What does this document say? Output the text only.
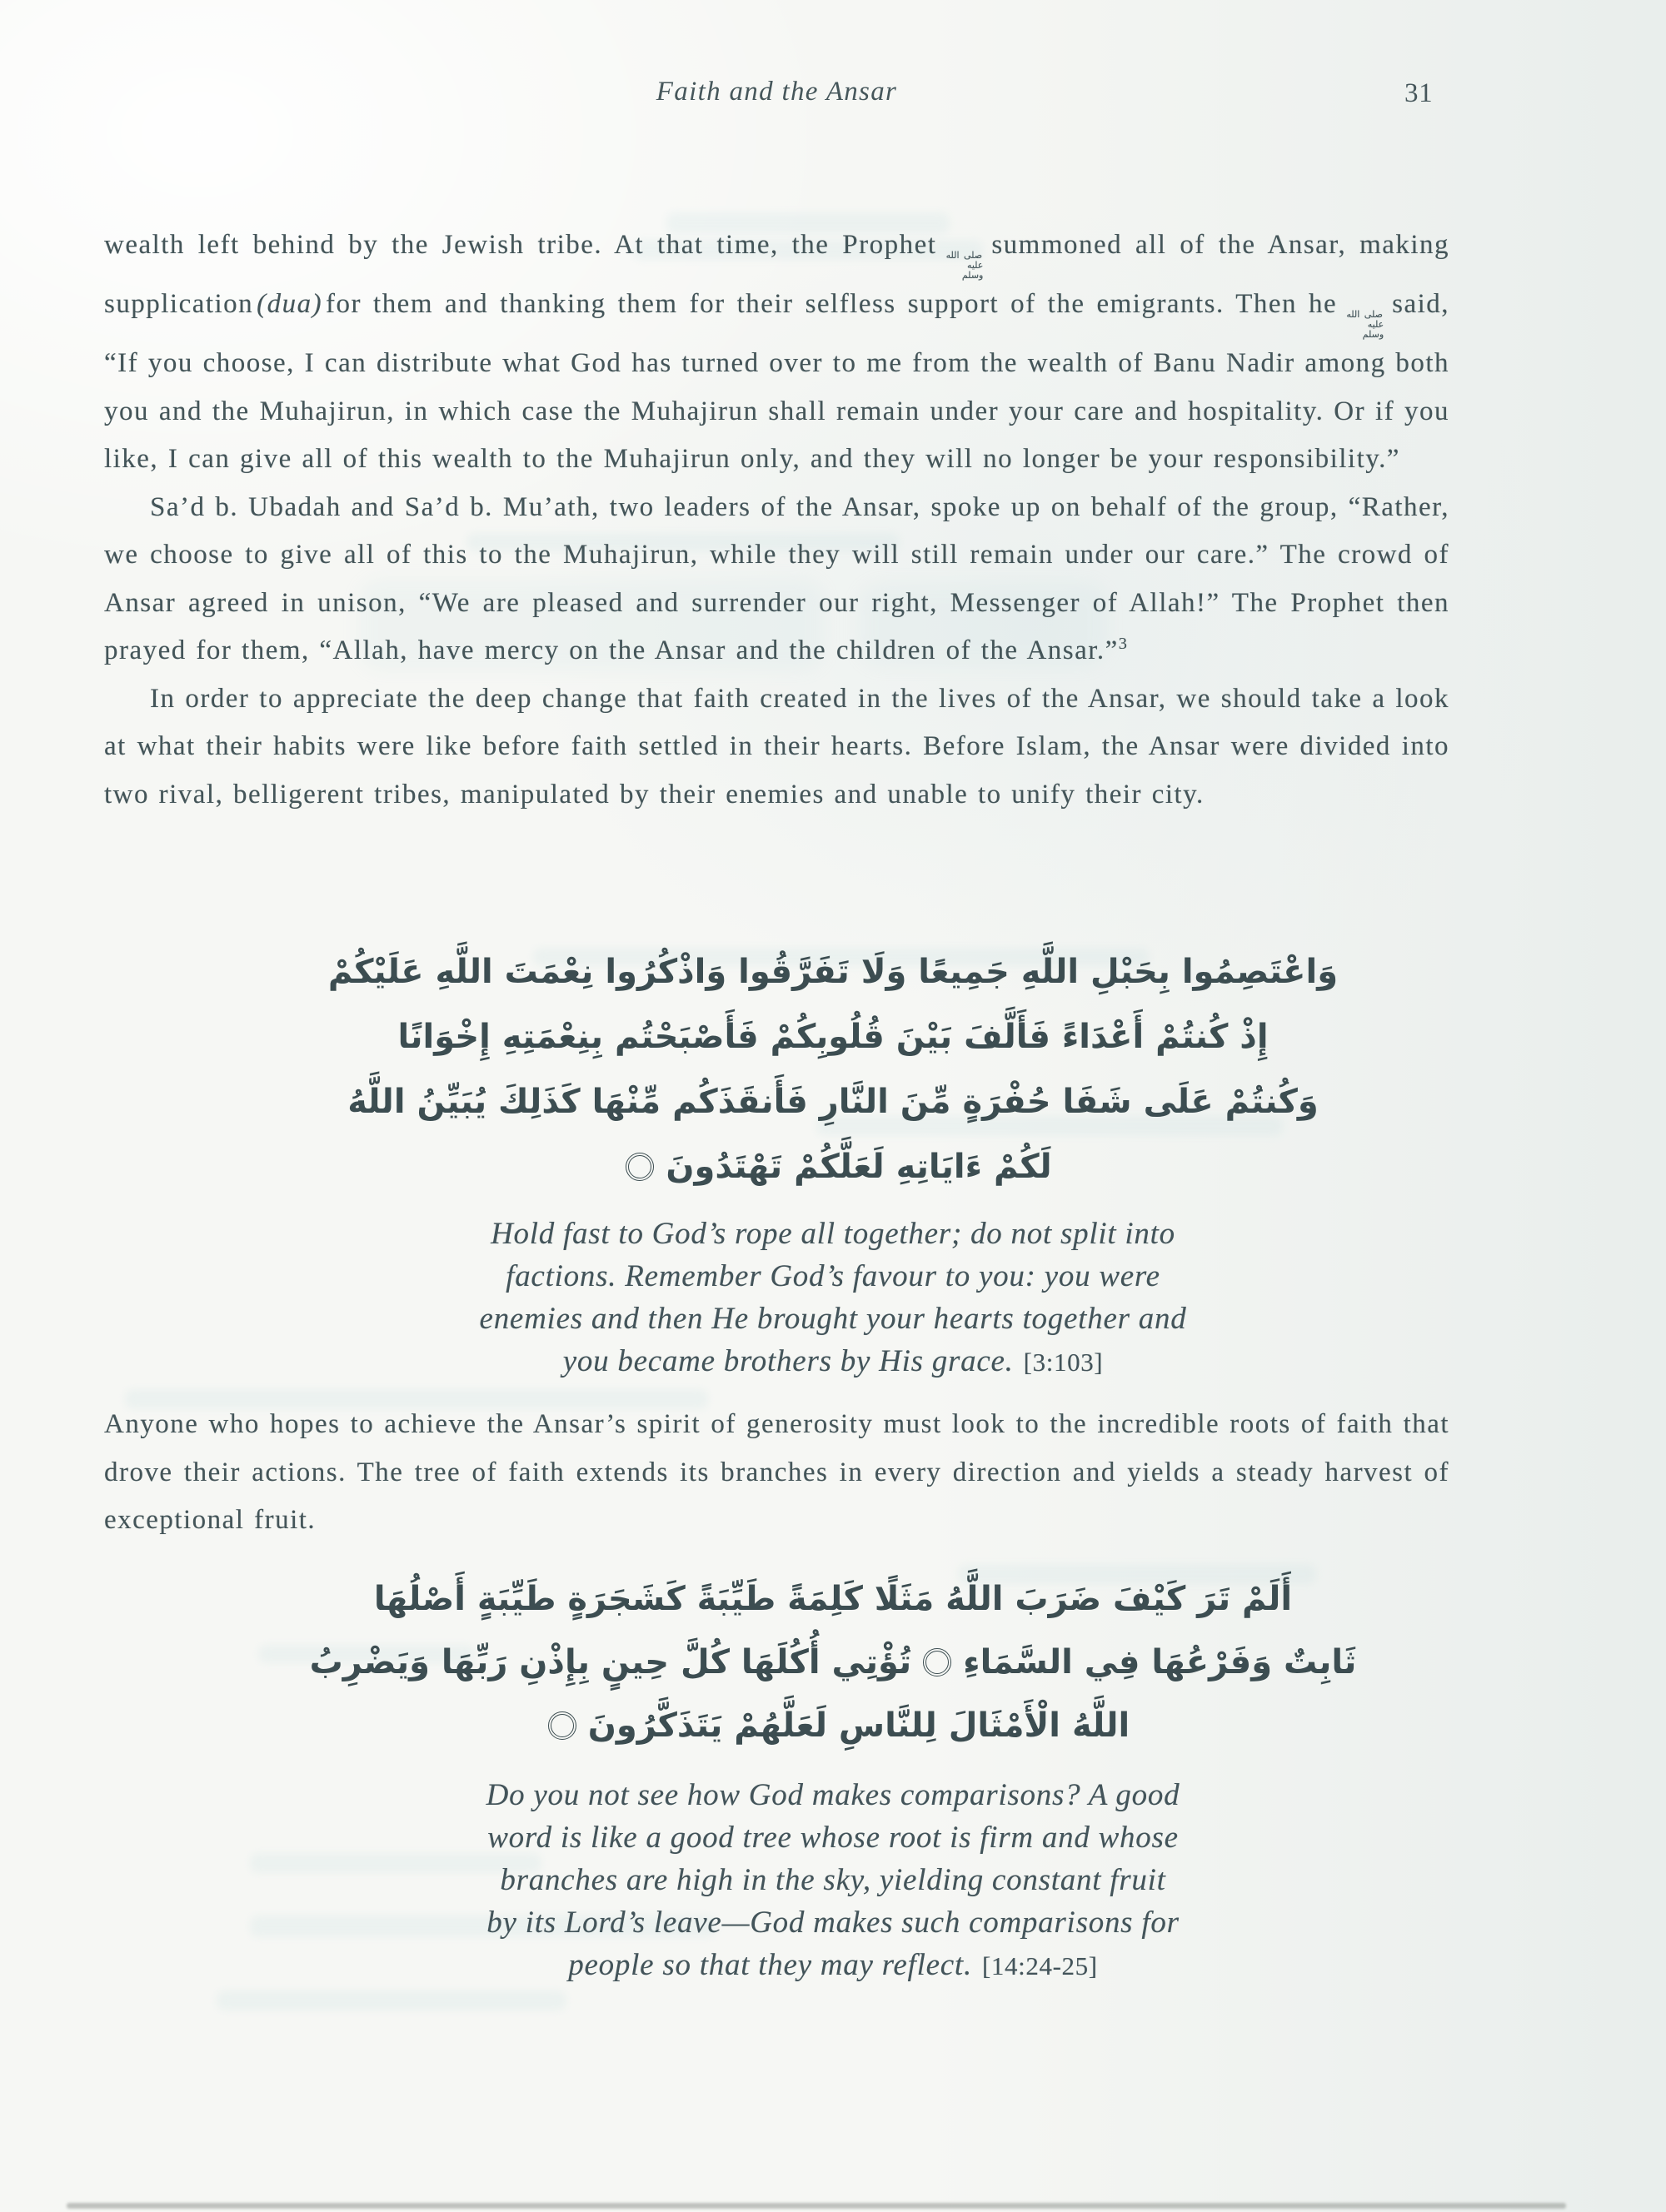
Faith and the Ansar	31

wealth left behind by the Jewish tribe. At that time, the Prophet صلى الله
عليه وسلم
summoned all of the Ansar, making supplication (dua) for them and thanking them for their selfless support of the emigrants. Then he صلى الله
عليه وسلم
said, “If you choose, I can distribute what God has turned over to me from the wealth of Banu Nadir among both you and the Muhajirun, in which case the Muhajirun shall remain under your care and hospitality. Or if you like, I can give all of this wealth to the Muhajirun only, and they will no longer be your responsibility.”

Sa’d b. Ubadah and Sa’d b. Mu’ath, two leaders of the Ansar, spoke up on behalf of the group, “Rather, we choose to give all of this to the Muhajirun, while they will still remain under our care.” The crowd of Ansar agreed in unison, “We are pleased and surrender our right, Messenger of Allah!” The Prophet then prayed for them, “Allah, have mercy on the Ansar and the children of the Ansar.”$^3$

In order to appreciate the deep change that faith created in the lives of the Ansar, we should take a look at what their habits were like before faith settled in their hearts. Before Islam, the Ansar were divided into two rival, belligerent tribes, manipulated by their enemies and unable to unify their city.

وَاعْتَصِمُوا بِحَبْلِ اللَّهِ جَمِيعًا وَلَا تَفَرَّقُوا وَاذْكُرُوا نِعْمَتَ اللَّهِ عَلَيْكُمْ
إِذْ كُنتُمْ أَعْدَاءً فَأَلَّفَ بَيْنَ قُلُوبِكُمْ فَأَصْبَحْتُم بِنِعْمَتِهِ إِخْوَانًا
وَكُنتُمْ عَلَى شَفَا حُفْرَةٍ مِّنَ النَّارِ فَأَنقَذَكُم مِّنْهَا كَذَلِكَ يُبَيِّنُ اللَّهُ
لَكُمْ ءَايَاتِهِ لَعَلَّكُمْ تَهْتَدُونَ
Hold fast to God’s rope all together; do not split into
factions. Remember God’s favour to you: you were
enemies and then He brought your hearts together and
you became brothers by His grace. [3:103]

Anyone who hopes to achieve the Ansar’s spirit of generosity must look to the incredible roots of faith that drove their actions. The tree of faith extends its branches in every direction and yields a steady harvest of exceptional fruit.

أَلَمْ تَرَ كَيْفَ ضَرَبَ اللَّهُ مَثَلًا كَلِمَةً طَيِّبَةً كَشَجَرَةٍ طَيِّبَةٍ أَصْلُهَا
ثَابِتٌ وَفَرْعُهَا فِي السَّمَاءِتُؤْتِي أُكُلَهَا كُلَّ حِينٍ بِإِذْنِ رَبِّهَا وَيَضْرِبُ
اللَّهُ الْأَمْثَالَ لِلنَّاسِ لَعَلَّهُمْ يَتَذَكَّرُونَ
Do you not see how God makes comparisons? A good
word is like a good tree whose root is firm and whose
branches are high in the sky, yielding constant fruit
by its Lord’s leave—God makes such comparisons for
people so that they may reflect. [14:24-25]
